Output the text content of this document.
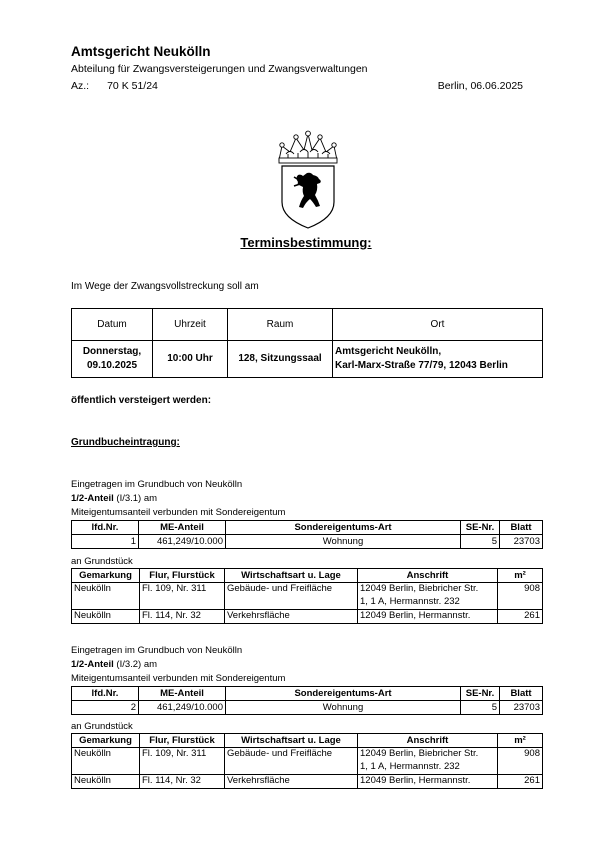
Amtsgericht Neukölln
Abteilung für Zwangsversteigerungen und Zwangsverwaltungen
Az.: 70 K 51/24	Berlin, 06.06.2025
Terminsbestimmung:
Im Wege der Zwangsvollstreckung soll am
Datum	Uhrzeit	Raum	Ort
Donnerstag,
09.10.2025	10:00 Uhr	128, Sitzungssaal	Amtsgericht Neukölln,
Karl-Marx-Straße 77/79, 12043 Berlin
öffentlich versteigert werden:
Grundbucheintragung:
Eingetragen im Grundbuch von Neukölln
1/2-Anteil (I/3.1) am
Miteigentumsanteil verbunden mit Sondereigentum
lfd.Nr.	ME-Anteil	Sondereigentums-Art	SE-Nr.	Blatt
1	461,249/10.000	Wohnung	5	23703
an Grundstück
Gemarkung	Flur, Flurstück	Wirtschaftsart u. Lage	Anschrift	m²
Neukölln	Fl. 109, Nr. 311	Gebäude- und Freifläche	12049 Berlin, Biebricher Str.
1, 1 A, Hermannstr. 232	908
Neukölln	Fl. 114, Nr. 32	Verkehrsfläche	12049 Berlin, Hermannstr.	261
Eingetragen im Grundbuch von Neukölln
1/2-Anteil (I/3.2) am
Miteigentumsanteil verbunden mit Sondereigentum
lfd.Nr.	ME-Anteil	Sondereigentums-Art	SE-Nr.	Blatt
2	461,249/10.000	Wohnung	5	23703
an Grundstück
Gemarkung	Flur, Flurstück	Wirtschaftsart u. Lage	Anschrift	m²
Neukölln	Fl. 109, Nr. 311	Gebäude- und Freifläche	12049 Berlin, Biebricher Str.
1, 1 A, Hermannstr. 232	908
Neukölln	Fl. 114, Nr. 32	Verkehrsfläche	12049 Berlin, Hermannstr.	261
